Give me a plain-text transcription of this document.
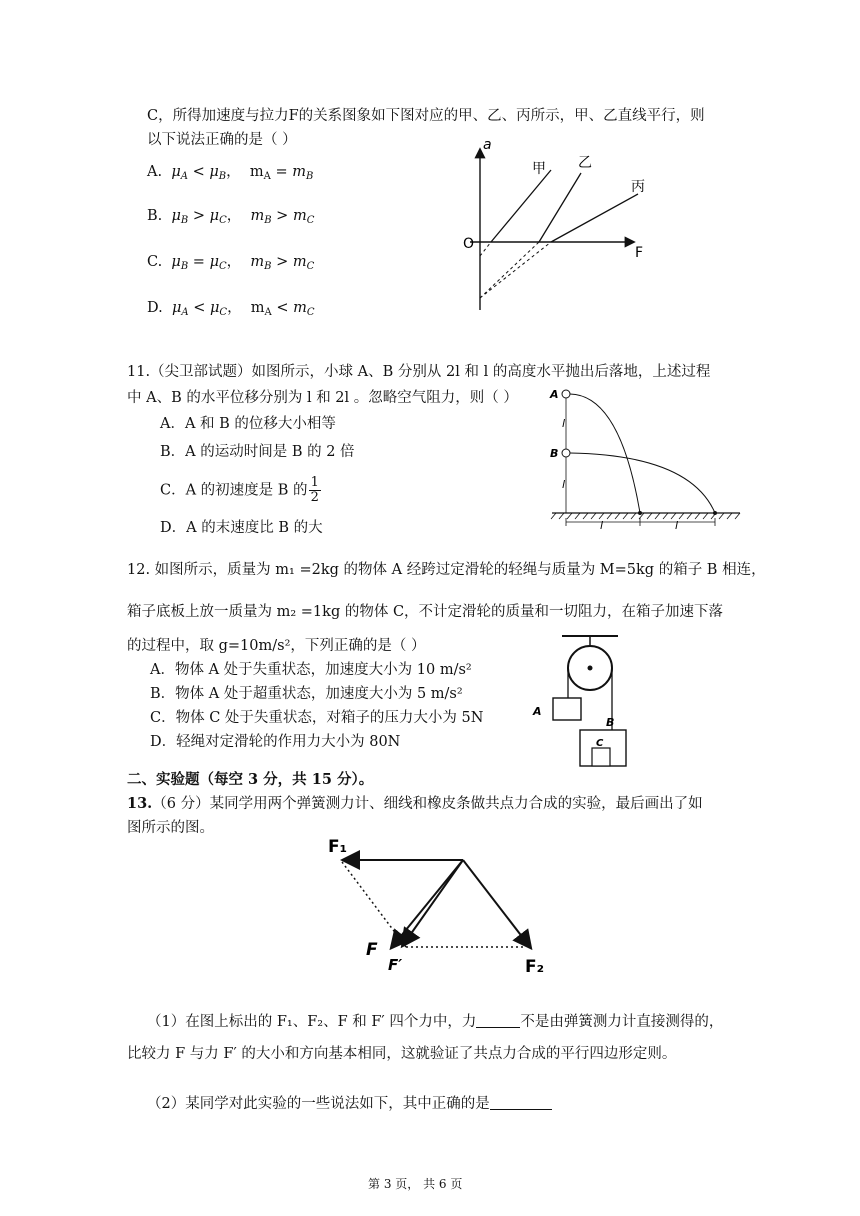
C，所得加速度与拉力F的关系图象如下图对应的甲、乙、丙所示，甲、乙直线平行，则
以下说法正确的是（ ）
A. $\mu_A < \mu_B$，  $m_A = m_B$
B. $\mu_B > \mu_C$，  $m_B > m_C$
C. $\mu_B = \mu_C$，  $m_B > m_C$
D. $\mu_A < \mu_C$，  $m_A < m_C$
a
F
O
甲 乙
丙
11.（尖卫部试题）如图所示，小球 A、B 分别从 2l 和 l 的高度水平抛出后落地，上述过程
中 A、B 的水平位移分别为 l 和 2l 。忽略空气阻力，则（ ）
A．A 和 B 的位移大小相等
B．A 的运动时间是 B 的 2 倍
C．A 的初速度是 B 的 $\frac{1}{2}$
D．A 的末速度比 B 的大
A
B
l
l
l	l
12. 如图所示，质量为 m₁ =2kg 的物体 A 经跨过定滑轮的轻绳与质量为 M=5kg 的箱子 B 相连，
箱子底板上放一质量为 m₂ =1kg 的物体 C，不计定滑轮的质量和一切阻力，在箱子加速下落
的过程中，取 g=10m/s²，下列正确的是（ ）
A．物体 A 处于失重状态，加速度大小为 10 m/s²
B．物体 A 处于超重状态，加速度大小为 5 m/s²
C．物体 C 处于失重状态，对箱子的压力大小为 5N
D．轻绳对定滑轮的作用力大小为 80N
A
B
C
二、实验题（每空 3 分，共 15 分）。
13.（6 分）某同学用两个弹簧测力计、细线和橡皮条做共点力合成的实验，最后画出了如
图所示的图。
F₁
F
F′	F₂
（1）在图上标出的 F₁、F₂、F 和 F′ 四个力中，力	不是由弹簧测力计直接测得的，
比较力 F 与力 F′ 的大小和方向基本相同，这就验证了共点力合成的平行四边形定则。
（2）某同学对此实验的一些说法如下，其中正确的是
第 3 页， 共 6 页
